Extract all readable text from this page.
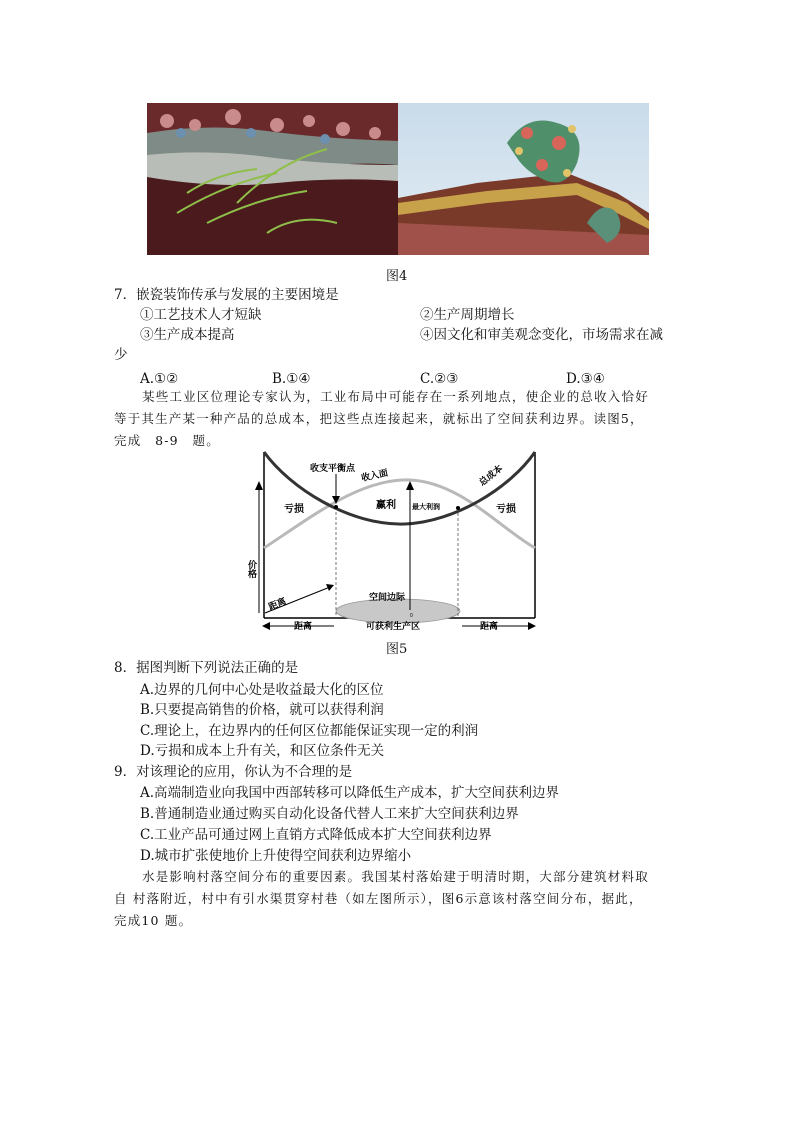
图4
7．嵌瓷装饰传承与发展的主要困境是
①工艺技术人才短缺	②生产周期增长
③生产成本提高	④因文化和审美观念变化，市场需求在减
少
A.①②	B.①④	C.②③	D.③④
某些工业区位理论专家认为，工业布局中可能存在一系列地点，使企业的总收入恰好 等于其生产某一种产品的总成本，把这些点连接起来，就标出了空间获利边界。读图5， 完成　8-9　题。
收支平衡点 收入面	总成本
亏损	亏损
赢利 最大利润
价格
距离	空间边际
0
距离	可获利生产区	距离
图5
8．据图判断下列说法正确的是
A.边界的几何中心处是收益最大化的区位
B.只要提高销售的价格，就可以获得利润
C.理论上，在边界内的任何区位都能保证实现一定的利润
D.亏损和成本上升有关，和区位条件无关
9．对该理论的应用，你认为不合理的是
A.高端制造业向我国中西部转移可以降低生产成本，扩大空间获利边界
B.普通制造业通过购买自动化设备代替人工来扩大空间获利边界
C.工业产品可通过网上直销方式降低成本扩大空间获利边界
D.城市扩张使地价上升使得空间获利边界缩小
水是影响村落空间分布的重要因素。我国某村落始建于明清时期，大部分建筑材料取自 村落附近，村中有引水渠贯穿村巷（如左图所示），图6示意该村落空间分布，据此，完成10 题。
